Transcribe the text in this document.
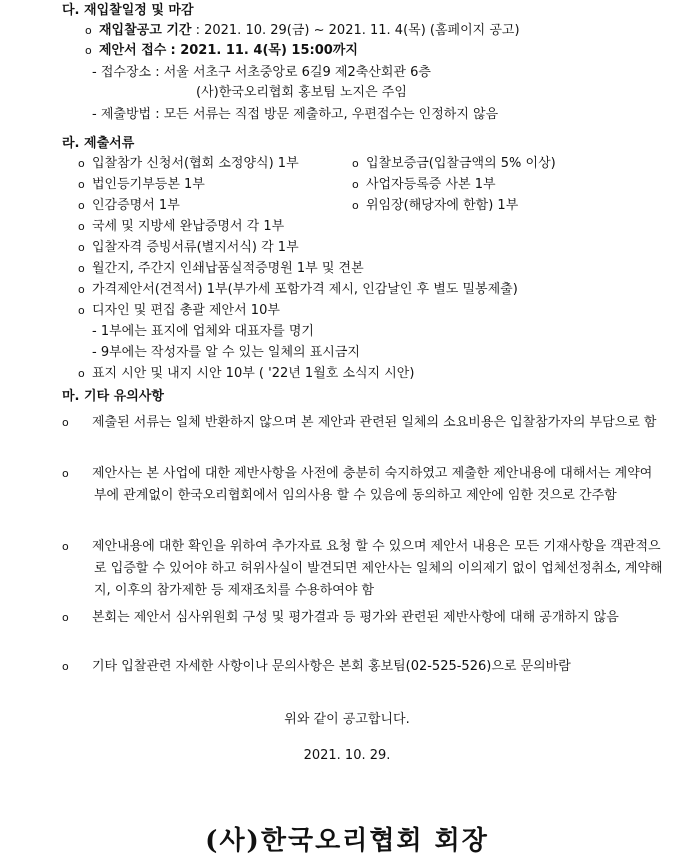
다. 재입찰일정 및 마감
o 재입찰공고 기간 : 2021. 10. 29(금) ~ 2021. 11. 4(목) (홈페이지 공고)
o 제안서 접수 : 2021. 11. 4(목) 15:00까지
- 접수장소 : 서울 서초구 서초중앙로 6길9 제2축산회관 6층
(사)한국오리협회 홍보팀 노지은 주임
- 제출방법 : 모든 서류는 직접 방문 제출하고, 우편접수는 인정하지 않음
라. 제출서류
o 입찰참가 신청서(협회 소정양식) 1부	o 입찰보증금(입찰금액의 5% 이상)
o 법인등기부등본 1부	o 사업자등록증 사본 1부
o 인감증명서 1부	o 위임장(해당자에 한함) 1부
o 국세 및 지방세 완납증명서 각 1부
o 입찰자격 증빙서류(별지서식) 각 1부
o 월간지, 주간지 인쇄납품실적증명원 1부 및 견본
o 가격제안서(견적서) 1부(부가세 포함가격 제시, 인감날인 후 별도 밀봉제출)
o 디자인 및 편집 총괄 제안서 10부
- 1부에는 표지에 업체와 대표자를 명기
- 9부에는 작성자를 알 수 있는 일체의 표시금지
o 표지 시안 및 내지 시안 10부 ( '22년 1월호 소식지 시안)
마. 기타 유의사항
o 제출된 서류는 일체 반환하지 않으며 본 제안과 관련된 일체의 소요비용은 입찰참가자의 부담으로 함
o 제안사는 본 사업에 대한 제반사항을 사전에 충분히 숙지하였고 제출한 제안내용에 대해서는 계약여부에 관계없이 한국오리협회에서 임의사용 할 수 있음에 동의하고 제안에 임한 것으로 간주함
o 제안내용에 대한 확인을 위하여 추가자료 요청 할 수 있으며 제안서 내용은 모든 기재사항을 객관적으로 입증할 수 있어야 하고 허위사실이 발견되면 제안사는 일체의 이의제기 없이 업체선정취소, 계약해지, 이후의 참가제한 등 제재조치를 수용하여야 함
o 본회는 제안서 심사위원회 구성 및 평가결과 등 평가와 관련된 제반사항에 대해 공개하지 않음
o 기타 입찰관련 자세한 사항이나 문의사항은 본회 홍보팀(02-525-526)으로 문의바람
위와 같이 공고합니다.
2021. 10. 29.
(사)한국오리협회 회장
